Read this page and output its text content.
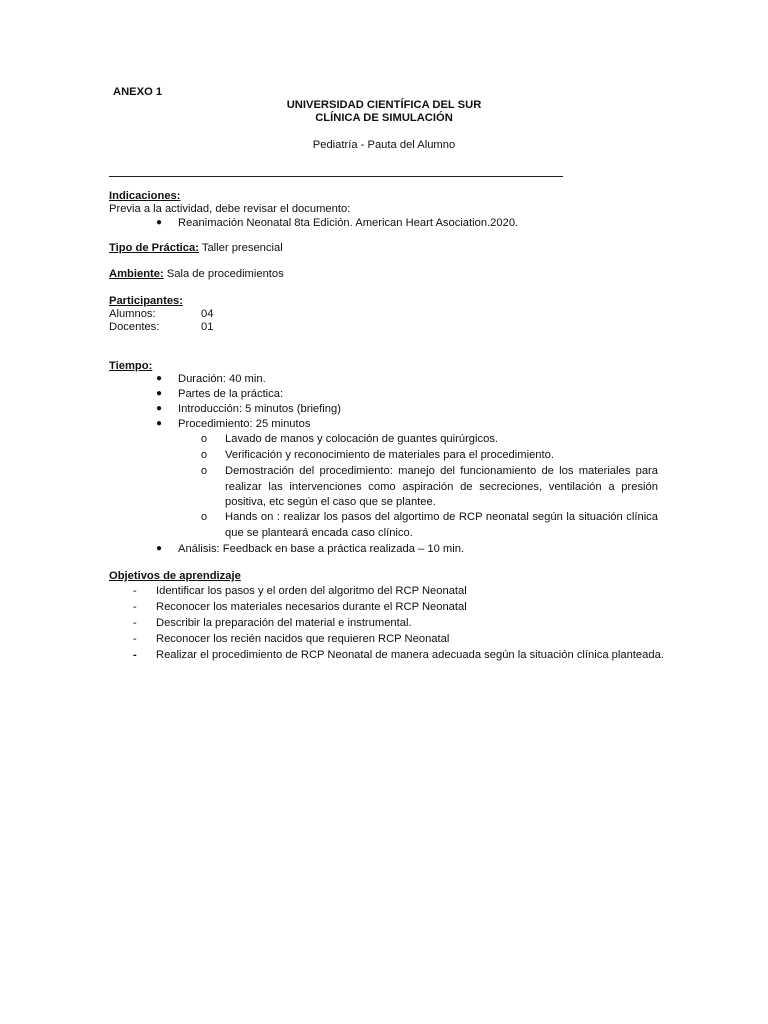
ANEXO 1
UNIVERSIDAD CIENTÍFICA DEL SUR
CLÍNICA DE SIMULACIÓN
Pediatría - Pauta del Alumno
Indicaciones:
Previa a la actividad, debe revisar el documento:
● Reanimación Neonatal 8ta Edición. American Heart Asociation.2020.
Tipo de Práctica: Taller presencial
Ambiente: Sala de procedimientos
Participantes:
Alumnos:	04
Docentes:	01
Tiempo:
● Duración: 40 min.
● Partes de la práctica:
● Introducción: 5 minutos (briefing)
● Procedimiento: 25 minutos
o Lavado de manos y colocación de guantes quirúrgicos.
o Verificación y reconocimiento de materiales para el procedimiento.
o Demostración del procedimiento: manejo del funcionamiento de los materiales para realizar las intervenciones como aspiración de secreciones, ventilación a presión positiva, etc según el caso que se plantee.
o Hands on : realizar los pasos del algortimo de RCP neonatal según la situación clínica que se planteará encada caso clínico.
● Análisis: Feedback en base a práctica realizada – 10 min.
Objetivos de aprendizaje
- Identificar los pasos y el orden del algoritmo del RCP Neonatal
- Reconocer los materiales necesarios durante el RCP Neonatal
- Describir la preparación del material e instrumental.
- Reconocer los recién nacidos que requieren RCP Neonatal
- Realizar el procedimiento de RCP Neonatal de manera adecuada según la situación clínica planteada.
